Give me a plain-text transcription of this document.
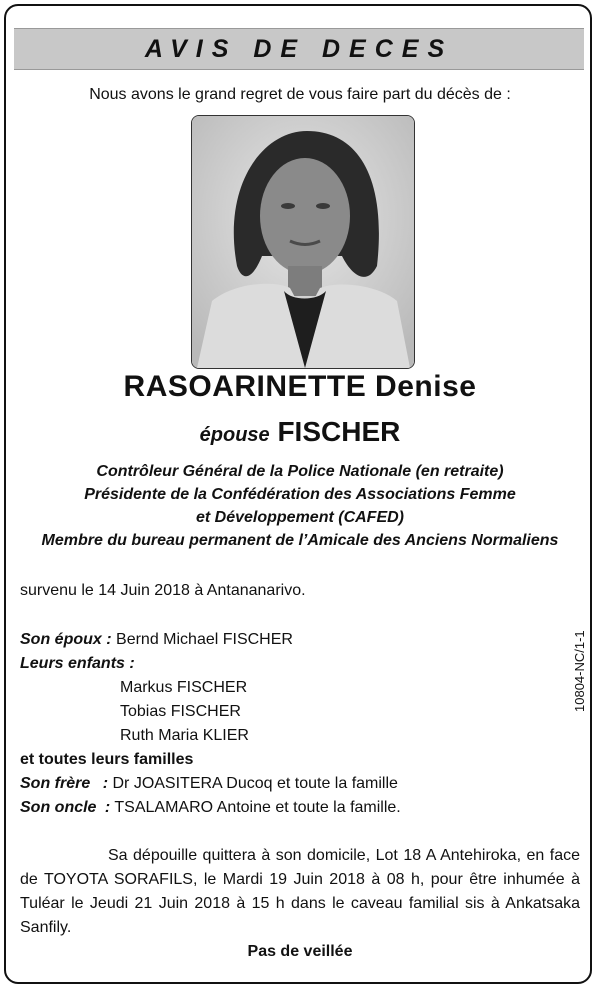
AVIS DE DECES
Nous avons le grand regret de vous faire part du décès de :
RASOARINETTE Denise
épouse FISCHER
Contrôleur Général de la Police Nationale (en retraite)
Présidente de la Confédération des Associations Femme
et Développement (CAFED)
Membre du bureau permanent de l’Amicale des Anciens Normaliens
survenu le 14 Juin 2018 à Antananarivo.
Son époux : Bernd Michael FISCHER
Leurs enfants :
Markus FISCHER
Tobias FISCHER
Ruth Maria KLIER
et toutes leurs familles
Son frère : Dr JOASITERA Ducoq et toute la famille
Son oncle : TSALAMARO Antoine et toute la famille.
10804-NC/1-1
Sa dépouille quittera à son domicile, Lot 18 A Antehiroka, en face de TOYOTA SORAFILS, le Mardi 19 Juin 2018 à 08 h, pour être inhumée à Tuléar le Jeudi 21 Juin 2018 à 15 h dans le caveau familial sis à Ankatsaka Sanfily.
Pas de veillée
